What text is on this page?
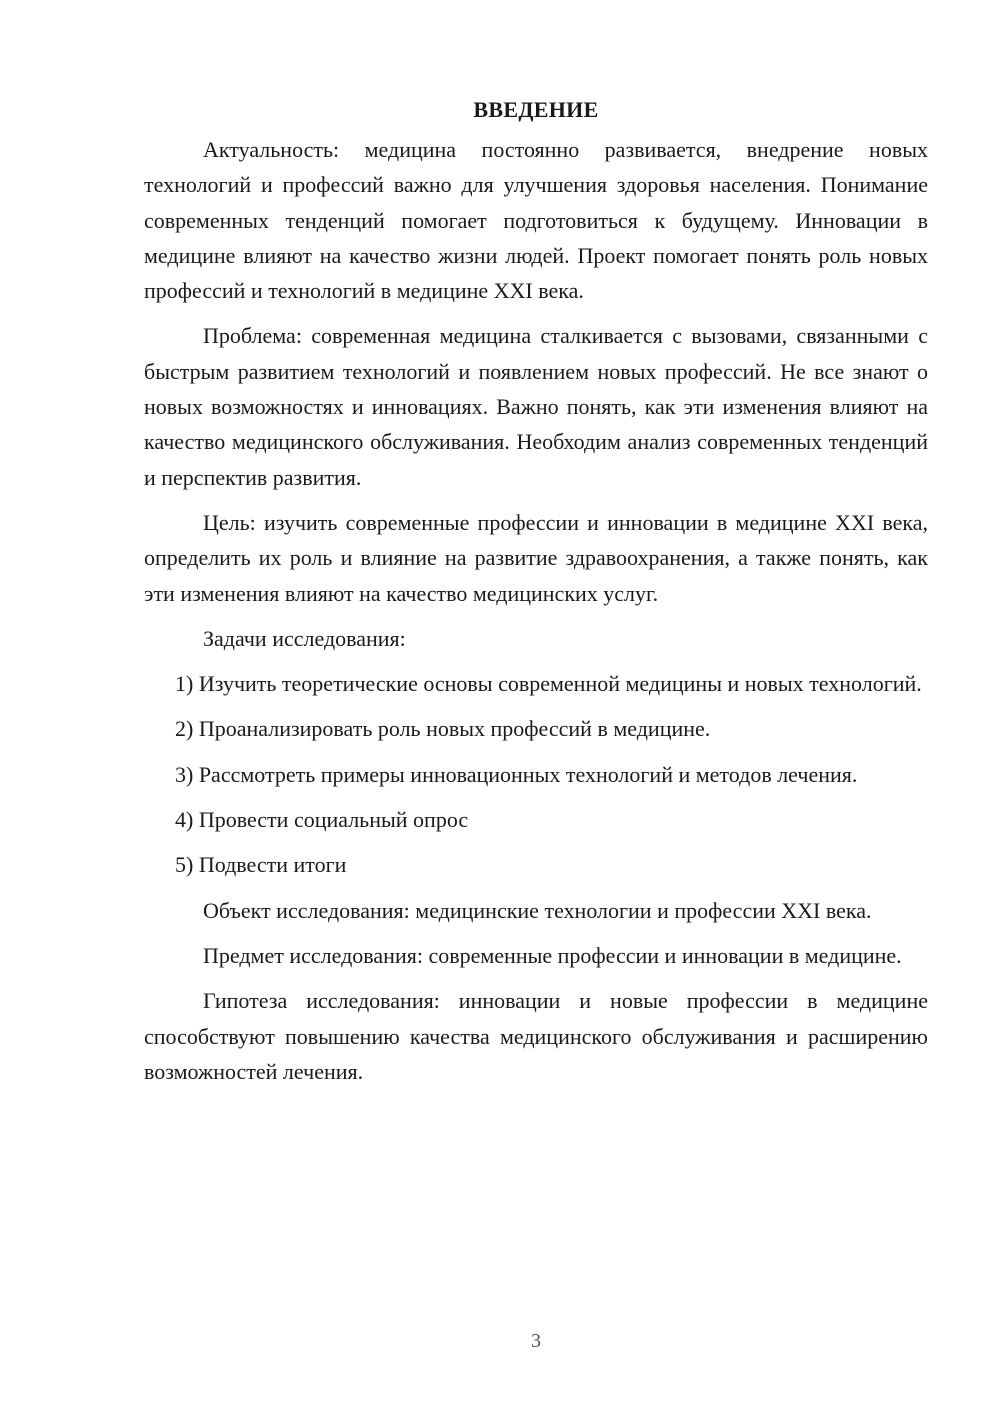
ВВЕДЕНИЕ

Актуальность: медицина постоянно развивается, внедрение новых технологий и профессий важно для улучшения здоровья населения. Понимание современных тенденций помогает подготовиться к будущему. Инновации в медицине влияют на качество жизни людей. Проект помогает понять роль новых профессий и технологий в медицине XXI века.

Проблема: современная медицина сталкивается с вызовами, связанными с быстрым развитием технологий и появлением новых профессий. Не все знают о новых возможностях и инновациях. Важно понять, как эти изменения влияют на качество медицинского обслуживания. Необходим анализ современных тенденций и перспектив развития.

Цель: изучить современные профессии и инновации в медицине XXI века, определить их роль и влияние на развитие здравоохранения, а также понять, как эти изменения влияют на качество медицинских услуг.

Задачи исследования:

1) Изучить теоретические основы современной медицины и новых технологий.

2) Проанализировать роль новых профессий в медицине.

3) Рассмотреть примеры инновационных технологий и методов лечения.

4) Провести социальный опрос

5) Подвести итоги

Объект исследования: медицинские технологии и профессии XXI века.

Предмет исследования: современные профессии и инновации в медицине.

Гипотеза исследования: инновации и новые профессии в медицине способствуют повышению качества медицинского обслуживания и расширению возможностей лечения.

3
